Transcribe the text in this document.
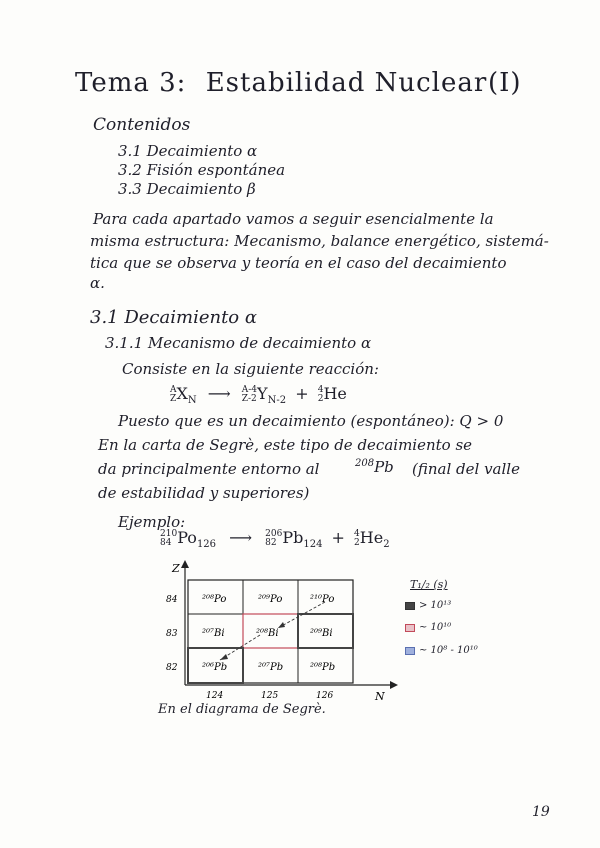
Tema 3: Estabilidad Nuclear (I)
Contenidos
3.1 Decaimiento α
3.2 Fisión espontánea
3.3 Decaimiento β
Para cada apartado vamos a seguir esencialmente la
misma estructura: Mecanismo, balance energético, sistemá-
tica que se observa y teoría en el caso del decaimiento
α.
3.1 Decaimiento α
3.1.1 Mecanismo de decaimiento α
Consiste en la siguiente reacción:
A
$ZX_N$ ⟶ A-4
$Z-2Y_{N-2} + 4$
2He
Puesto que es un decaimiento (espontáneo): Q > 0
En la carta de Segrè, este tipo de decaimiento se
da principalmente entorno al	$^{208}$Pb (final del valle
de estabilidad y superiores)
Ejemplo:
210
84 $Po_{126}$ ⟶ 206
82 $Pb_{124} + 4$
$2He_2$
Z
N
84
83
82
124	125	126
²⁰⁸Po	²⁰⁹Po	²¹⁰Po
²⁰⁷Bi	²⁰⁸Bi	²⁰⁹Bi
²⁰⁶Pb	²⁰⁷Pb	²⁰⁸Pb
T₁/₂ (s)
> 10¹³
~ 10¹⁰
~ 10⁸ - 10¹⁰
En el diagrama de Segrè.
19
